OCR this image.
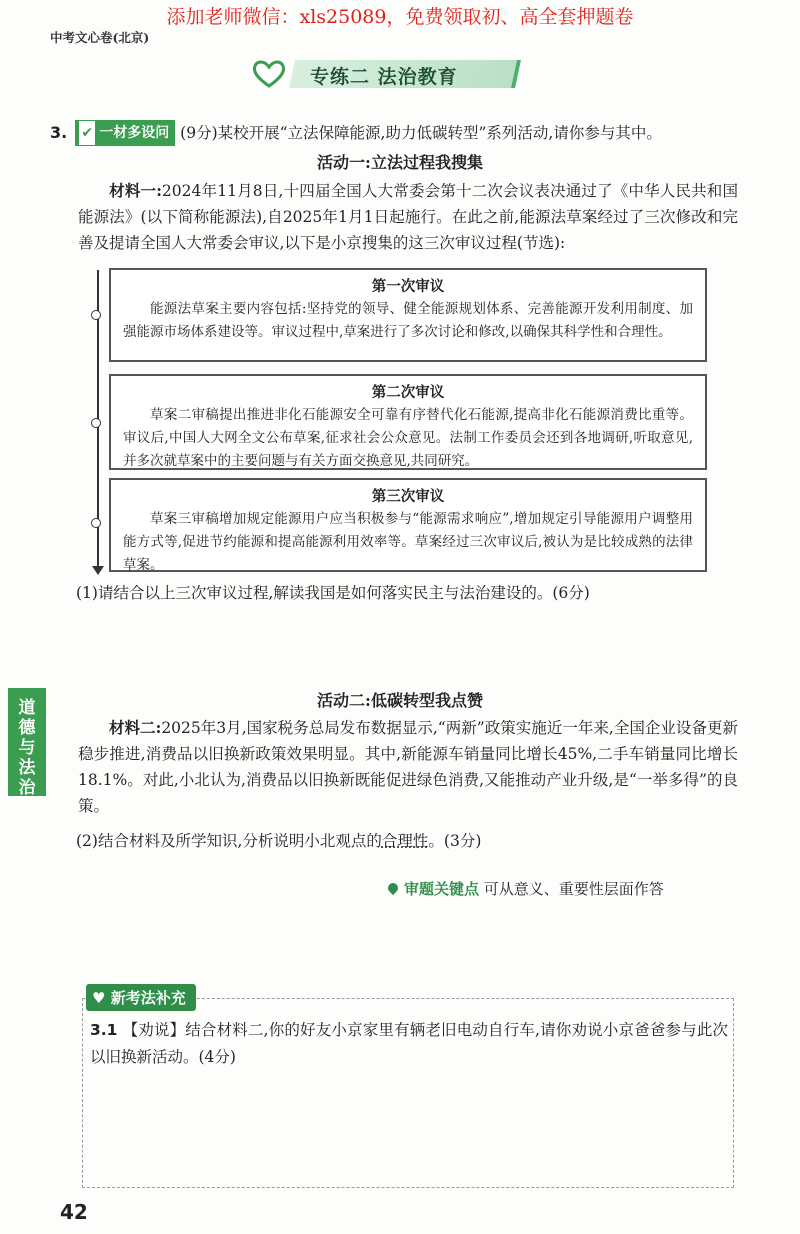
添加老师微信：xls25089，免费领取初、高全套押题卷
中考文心卷(北京)
专练二 法治教育
3. ✔ 一材多设问 (9分)某校开展“立法保障能源,助力低碳转型”系列活动,请你参与其中。
活动一:立法过程我搜集
材料一:2024年11月8日,十四届全国人大常委会第十二次会议表决通过了《中华人民共和国能源法》(以下简称能源法),自2025年1月1日起施行。在此之前,能源法草案经过了三次修改和完善及提请全国人大常委会审议,以下是小京搜集的这三次审议过程(节选):
第一次审议
能源法草案主要内容包括:坚持党的领导、健全能源规划体系、完善能源开发利用制度、加强能源市场体系建设等。审议过程中,草案进行了多次讨论和修改,以确保其科学性和合理性。
第二次审议
草案二审稿提出推进非化石能源安全可靠有序替代化石能源,提高非化石能源消费比重等。审议后,中国人大网全文公布草案,征求社会公众意见。法制工作委员会还到各地调研,听取意见,并多次就草案中的主要问题与有关方面交换意见,共同研究。
第三次审议
草案三审稿增加规定能源用户应当积极参与“能源需求响应”,增加规定引导能源用户调整用能方式等,促进节约能源和提高能源利用效率等。草案经过三次审议后,被认为是比较成熟的法律草案。
(1)请结合以上三次审议过程,解读我国是如何落实民主与法治建设的。(6分)
道德与法治
活动二:低碳转型我点赞
材料二:2025年3月,国家税务总局发布数据显示,“两新”政策实施近一年来,全国企业设备更新稳步推进,消费品以旧换新政策效果明显。其中,新能源车销量同比增长45%,二手车销量同比增长18.1%。对此,小北认为,消费品以旧换新既能促进绿色消费,又能推动产业升级,是“一举多得”的良策。
(2)结合材料及所学知识,分析说明小北观点的合理性。(3分)
审题关键点 可从意义、重要性层面作答
♥ 新考法补充
3.1 【劝说】结合材料二,你的好友小京家里有辆老旧电动自行车,请你劝说小京爸爸参与此次以旧换新活动。(4分)
42
